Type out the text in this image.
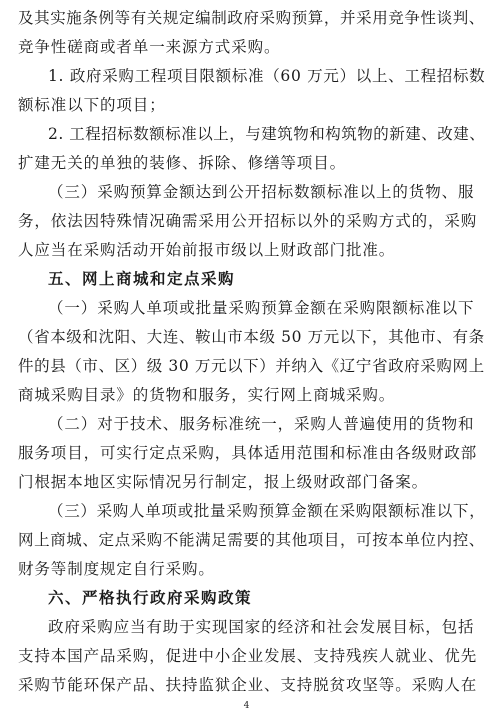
及其实施条例等有关规定编制政府采购预算，并采用竞争性谈判、
竞争性磋商或者单一来源方式采购。
1. 政府采购工程项目限额标准（60 万元）以上、工程招标数
额标准以下的项目；
2. 工程招标数额标准以上，与建筑物和构筑物的新建、改建、
扩建无关的单独的装修、拆除、修缮等项目。
（三）采购预算金额达到公开招标数额标准以上的货物、服
务，依法因特殊情况确需采用公开招标以外的采购方式的，采购
人应当在采购活动开始前报市级以上财政部门批准。
五、网上商城和定点采购
（一）采购人单项或批量采购预算金额在采购限额标准以下
（省本级和沈阳、大连、鞍山市本级 50 万元以下，其他市、有条
件的县（市、区）级 30 万元以下）并纳入《辽宁省政府采购网上
商城采购目录》的货物和服务，实行网上商城采购。
（二）对于技术、服务标准统一，采购人普遍使用的货物和
服务项目，可实行定点采购，具体适用范围和标准由各级财政部
门根据本地区实际情况另行制定，报上级财政部门备案。
（三）采购人单项或批量采购预算金额在采购限额标准以下，
网上商城、定点采购不能满足需要的其他项目，可按本单位内控、
财务等制度规定自行采购。
六、严格执行政府采购政策
政府采购应当有助于实现国家的经济和社会发展目标，包括
支持本国产品采购，促进中小企业发展、支持残疾人就业、优先
采购节能环保产品、扶持监狱企业、支持脱贫攻坚等。采购人在
4
